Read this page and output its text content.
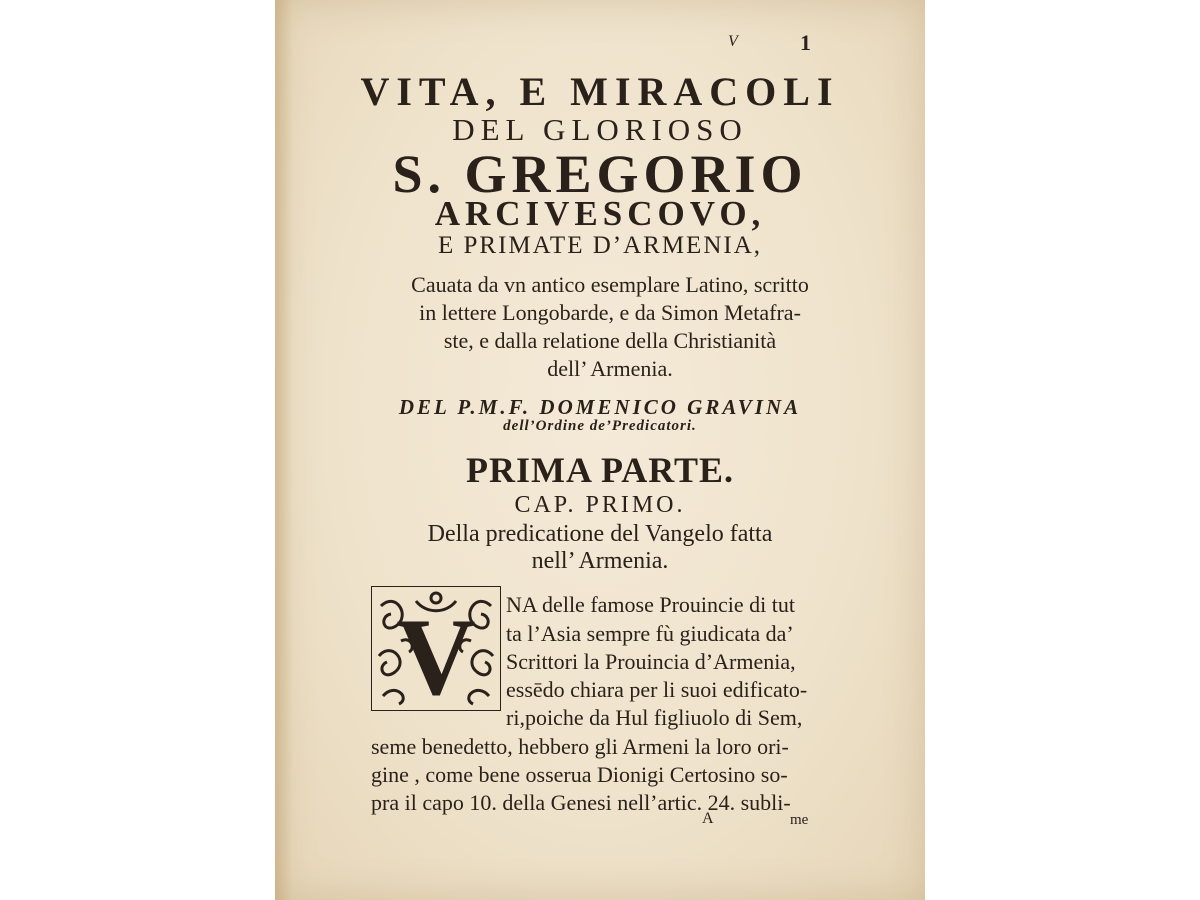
V	1
VITA, E MIRACOLI
DEL GLORIOSO
S. GREGORIO
ARCIVESCOVO,
E PRIMATE D’ARMENIA,
Cauata da vn antico esemplare Latino, scritto
in lettere Longobarde, e da Simon Metafra-
ste, e dalla relatione della Christianità
dell’ Armenia.
DEL P.M.F. DOMENICO GRAVINA
dell’Ordine de’Predicatori.
PRIMA PARTE.
CAP. PRIMO.
Della predicatione del Vangelo fatta
nell’ Armenia.
V NA delle famose Prouincie di tut
ta l’Asia sempre fù giudicata da’
Scrittori la Prouincia d’Armenia,
essēdo chiara per li suoi edificato-
ri,poiche da Hul figliuolo di Sem,
seme benedetto, hebbero gli Armeni la loro ori-
gine , come bene osserua Dionigi Certosino so-
pra il capo 10. della Genesi nell’artic. 24. subli-
A	me
